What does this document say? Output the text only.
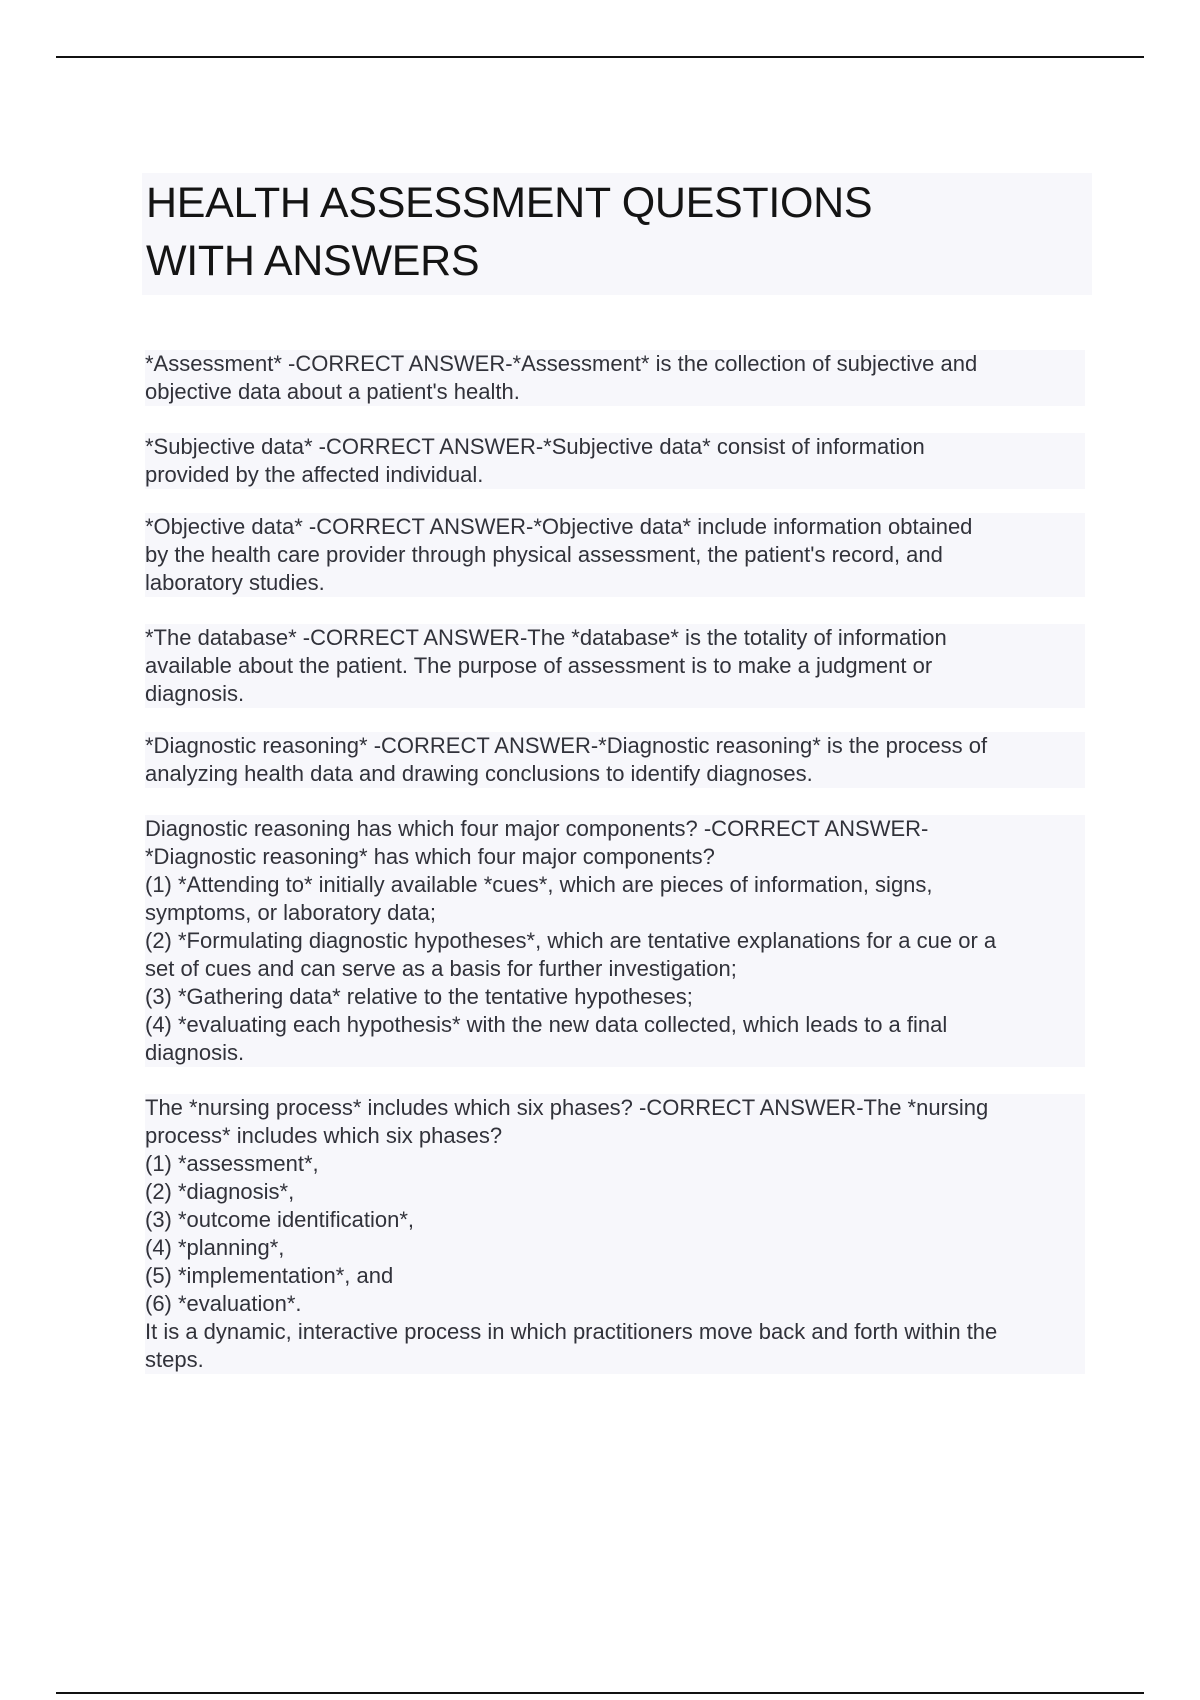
HEALTH ASSESSMENT QUESTIONS
WITH ANSWERS
*Assessment* -CORRECT ANSWER-*Assessment* is the collection of subjective and
objective data about a patient's health.
*Subjective data* -CORRECT ANSWER-*Subjective data* consist of information
provided by the affected individual.
*Objective data* -CORRECT ANSWER-*Objective data* include information obtained
by the health care provider through physical assessment, the patient's record, and
laboratory studies.
*The database* -CORRECT ANSWER-The *database* is the totality of information
available about the patient. The purpose of assessment is to make a judgment or
diagnosis.
*Diagnostic reasoning* -CORRECT ANSWER-*Diagnostic reasoning* is the process of
analyzing health data and drawing conclusions to identify diagnoses.
Diagnostic reasoning has which four major components? -CORRECT ANSWER-
*Diagnostic reasoning* has which four major components?
(1) *Attending to* initially available *cues*, which are pieces of information, signs,
symptoms, or laboratory data;
(2) *Formulating diagnostic hypotheses*, which are tentative explanations for a cue or a
set of cues and can serve as a basis for further investigation;
(3) *Gathering data* relative to the tentative hypotheses;
(4) *evaluating each hypothesis* with the new data collected, which leads to a final
diagnosis.
The *nursing process* includes which six phases? -CORRECT ANSWER-The *nursing
process* includes which six phases?
(1) *assessment*,
(2) *diagnosis*,
(3) *outcome identification*,
(4) *planning*,
(5) *implementation*, and
(6) *evaluation*.
It is a dynamic, interactive process in which practitioners move back and forth within the
steps.
